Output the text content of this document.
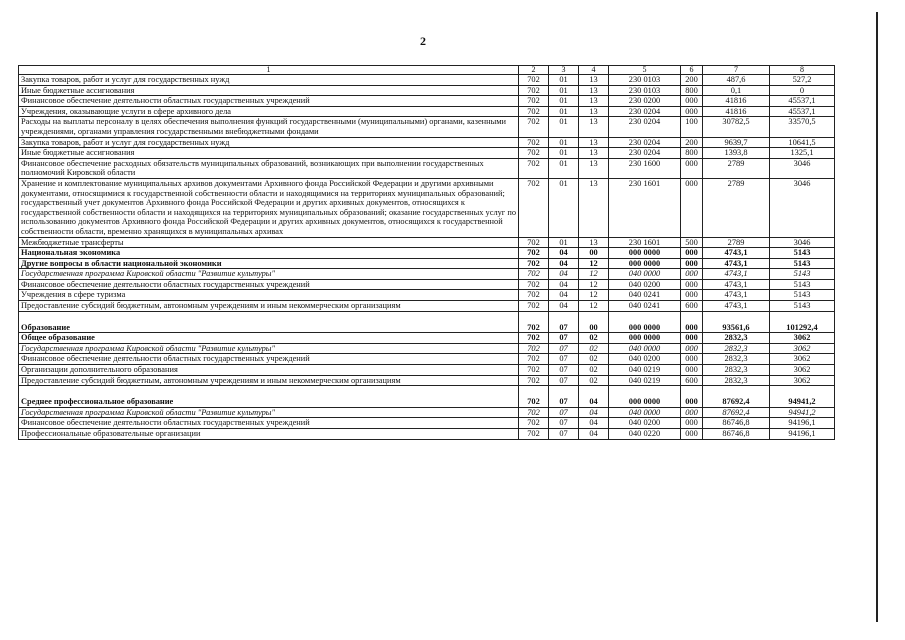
2
1	2	3	4	5	6	7	8
Закупка товаров, работ и услуг для государственных нужд	702	01	13	230 0103	200	487,6	527,2
Иные бюджетные ассигнования	702	01	13	230 0103	800	0,1	0
Финансовое обеспечение деятельности областных государственных учреждений	702	01	13	230 0200	000	41816	45537,1
Учреждения, оказывающие услуги в сфере архивного дела	702	01	13	230 0204	000	41816	45537,1
Расходы на выплаты персоналу в целях обеспечения выполнения функций государственными (муниципальными) органами, казенными учреждениями, органами управления государственными внебюджетными фондами	702	01	13	230 0204	100	30782,5	33570,5
Закупка товаров, работ и услуг для государственных нужд	702	01	13	230 0204	200	9639,7	10641,5
Иные бюджетные ассигнования	702	01	13	230 0204	800	1393,8	1325,1
Финансовое обеспечение расходных обязательств муниципальных образований, возникающих при выполнении государственных полномочий Кировской области	702	01	13	230 1600	000	2789	3046
Хранение и комплектование муниципальных архивов документами Архивного фонда Российской Федерации и другими архивными документами, относящимися к государственной собственности области и находящимися на территориях муниципальных образований; государственный учет документов Архивного фонда Российской Федерации и других архивных документов, относящихся к государственной собственности области и находящихся на территориях муниципальных образований; оказание государственных услуг по использованию документов Архивного фонда Российской Федерации и других архивных документов, относящихся к государственной собственности области, временно хранящихся в муниципальных архивах	702	01	13	230 1601	000	2789	3046
Межбюджетные трансферты	702	01	13	230 1601	500	2789	3046
Национальная экономика	702	04	00	000 0000	000	4743,1	5143
Другие вопросы в области национальной экономики	702	04	12	000 0000	000	4743,1	5143
Государственная программа Кировской области "Развитие культуры"	702	04	12	040 0000	000	4743,1	5143
Финансовое обеспечение деятельности областных государственных учреждений	702	04	12	040 0200	000	4743,1	5143
Учреждения в сфере туризма	702	04	12	040 0241	000	4743,1	5143
Предоставление субсидий бюджетным, автономным учреждениям и иным некоммерческим организациям	702	04	12	040 0241	600	4743,1	5143
Образование	702	07	00	000 0000	000	93561,6	101292,4
Общее образование	702	07	02	000 0000	000	2832,3	3062
Государственная программа Кировской области "Развитие культуры"	702	07	02	040 0000	000	2832,3	3062
Финансовое обеспечение деятельности областных государственных учреждений	702	07	02	040 0200	000	2832,3	3062
Организации дополнительного образования	702	07	02	040 0219	000	2832,3	3062
Предоставление субсидий бюджетным, автономным учреждениям и иным некоммерческим организациям	702	07	02	040 0219	600	2832,3	3062
Среднее профессиональное образование	702	07	04	000 0000	000	87692,4	94941,2
Государственная программа Кировской области "Развитие культуры"	702	07	04	040 0000	000	87692,4	94941,2
Финансовое обеспечение деятельности областных государственных учреждений	702	07	04	040 0200	000	86746,8	94196,1
Профессиональные образовательные организации	702	07	04	040 0220	000	86746,8	94196,1
